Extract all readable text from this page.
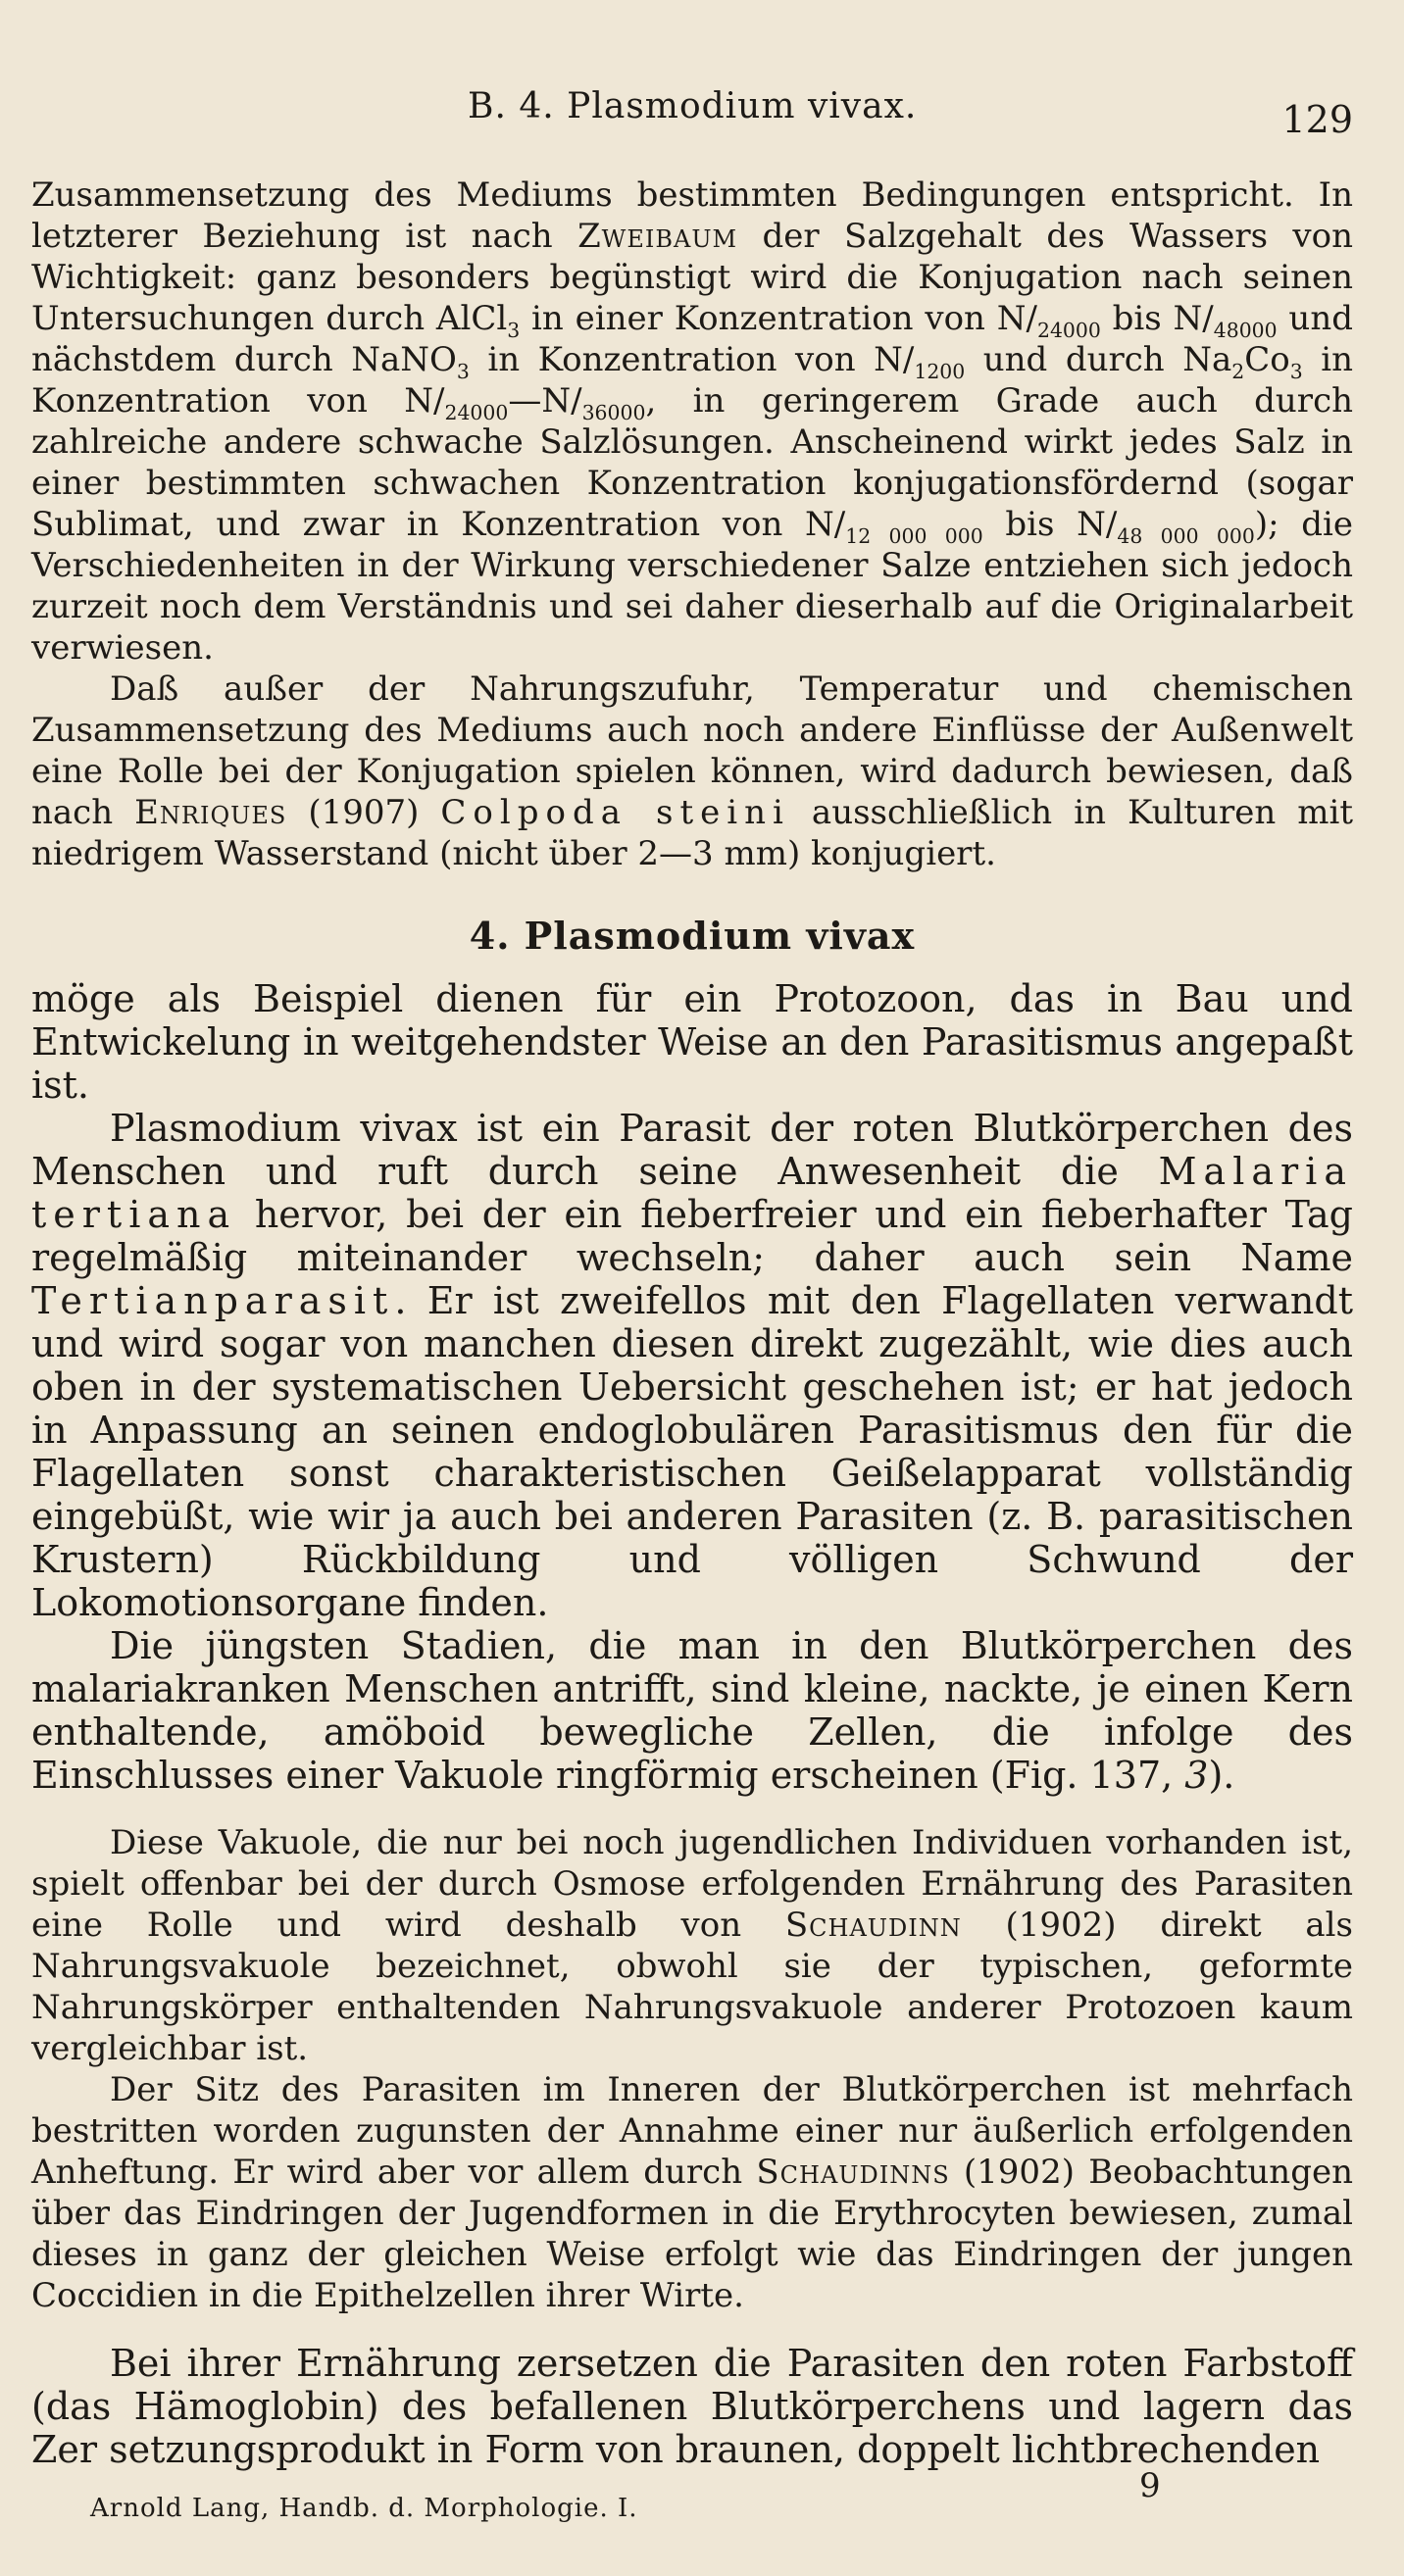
B. 4. Plasmodium vivax.	129

Zusammensetzung des Mediums bestimmten Bedingungen entspricht. In letzterer Beziehung ist nach Zweibaum der Salzgehalt des Wassers von Wichtigkeit: ganz besonders begünstigt wird die Konjugation nach seinen Untersuchungen durch AlCl$_3$ in einer Konzentration von $N/_{24000}$ bis $N/_{48000}$ und nächstdem durch NaNO$_3$ in Konzentration von $N/_{1200}$ und durch $Na_2Co_3$ in Konzentration von $N/_{24000}—N/_{36000}$, in geringerem Grade auch durch zahlreiche andere schwache Salzlösungen. Anscheinend wirkt jedes Salz in einer bestimmten schwachen Konzentration konjugationsfördernd (sogar Sublimat, und zwar in Konzentration von $N/_{12 000 000}$ bis $N/_{48 000 000}$); die Verschiedenheiten in der Wirkung verschiedener Salze entziehen sich jedoch zurzeit noch dem Verständnis und sei daher dieserhalb auf die Originalarbeit verwiesen.

Daß außer der Nahrungszufuhr, Temperatur und chemischen Zusammensetzung des Mediums auch noch andere Einflüsse der Außenwelt eine Rolle bei der Konjugation spielen können, wird dadurch bewiesen, daß nach Enriques (1907) Colpoda steini ausschließlich in Kulturen mit niedrigem Wasserstand (nicht über 2—3 mm) konjugiert.

4. Plasmodium vivax

möge als Beispiel dienen für ein Protozoon, das in Bau und Entwickelung in weitgehendster Weise an den Parasitismus angepaßt ist.

Plasmodium vivax ist ein Parasit der roten Blutkörperchen des Menschen und ruft durch seine Anwesenheit die Malaria tertiana hervor, bei der ein fieberfreier und ein fieberhafter Tag regelmäßig miteinander wechseln; daher auch sein Name Tertianparasit. Er ist zweifellos mit den Flagellaten verwandt und wird sogar von manchen diesen direkt zugezählt, wie dies auch oben in der systematischen Uebersicht geschehen ist; er hat jedoch in Anpassung an seinen endoglobulären Parasitismus den für die Flagellaten sonst charakteristischen Geißelapparat vollständig eingebüßt, wie wir ja auch bei anderen Parasiten (z. B. parasitischen Krustern) Rückbildung und völligen Schwund der Lokomotionsorgane finden.

Die jüngsten Stadien, die man in den Blutkörperchen des malariakranken Menschen antrifft, sind kleine, nackte, je einen Kern enthaltende, amöboid bewegliche Zellen, die infolge des Einschlusses einer Vakuole ringförmig erscheinen (Fig. 137, 3).

Diese Vakuole, die nur bei noch jugendlichen Individuen vorhanden ist, spielt offenbar bei der durch Osmose erfolgenden Ernährung des Parasiten eine Rolle und wird deshalb von Schaudinn (1902) direkt als Nahrungsvakuole bezeichnet, obwohl sie der typischen, geformte Nahrungskörper enthaltenden Nahrungsvakuole anderer Protozoen kaum vergleichbar ist.

Der Sitz des Parasiten im Inneren der Blutkörperchen ist mehrfach bestritten worden zugunsten der Annahme einer nur äußerlich erfolgenden Anheftung. Er wird aber vor allem durch Schaudinns (1902) Beobachtungen über das Eindringen der Jugendformen in die Erythrocyten bewiesen, zumal dieses in ganz der gleichen Weise erfolgt wie das Eindringen der jungen Coccidien in die Epithelzellen ihrer Wirte.

Bei ihrer Ernährung zersetzen die Parasiten den roten Farbstoff (das Hämoglobin) des befallenen Blutkörperchens und lagern das Zer setzungsprodukt in Form von braunen, doppelt lichtbrechenden

Arnold Lang, Handb. d. Morphologie. I.
9
